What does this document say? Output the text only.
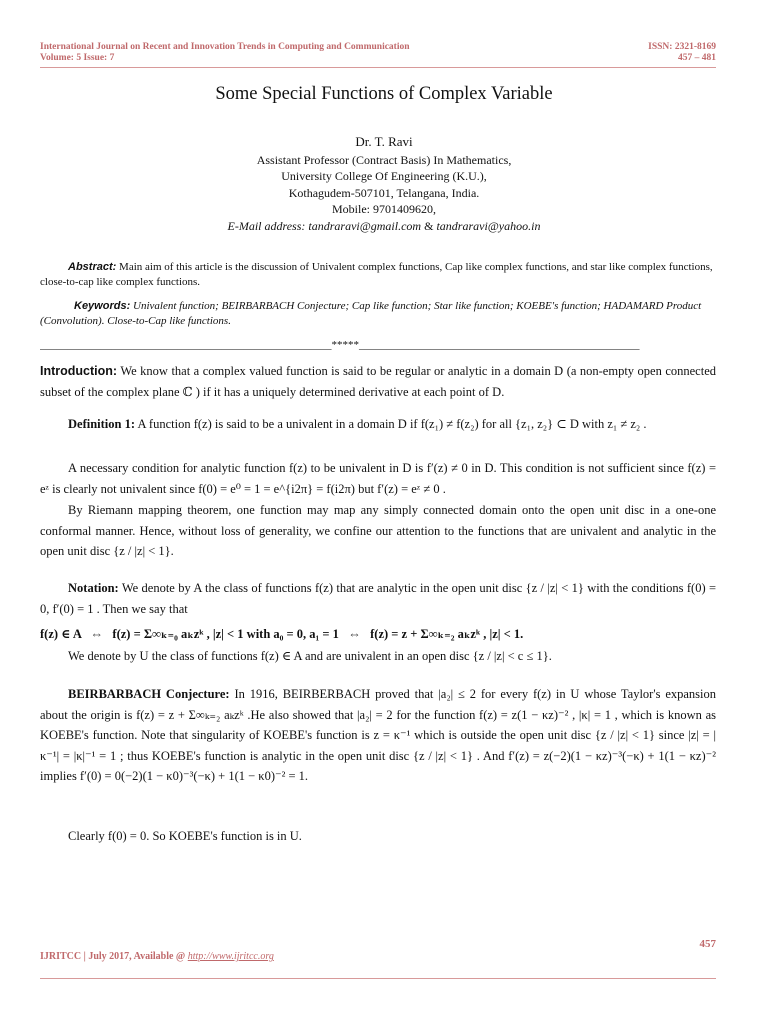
International Journal on Recent and Innovation Trends in Computing and Communication
Volume: 5 Issue: 7
ISSN: 2321-8169
457 – 481
Some Special Functions of Complex Variable
Dr. T. Ravi
Assistant Professor (Contract Basis) In Mathematics,
University College Of Engineering (K.U.),
Kothagudem-507101, Telangana, India.
Mobile: 9701409620,
E-Mail address: tandraravi@gmail.com & tandraravi@yahoo.in
Abstract: Main aim of this article is the discussion of Univalent complex functions, Cap like complex functions, and star like complex functions, close-to-cap like complex functions.
Keywords: Univalent function; BEIRBARBACH Conjecture; Cap like function; Star like function; KOEBE's function; HADAMARD Product (Convolution). Close-to-Cap like functions.
_____________________________________________________*****___________________________________________________
Introduction: We know that a complex valued function is said to be regular or analytic in a domain D (a non-empty open connected subset of the complex plane ℂ ) if it has a uniquely determined derivative at each point of D.
Definition 1: A function f(z) is said to be a univalent in a domain D if f(z₁) ≠ f(z₂) for all {z₁, z₂} ⊂ D with z₁ ≠ z₂ .
A necessary condition for analytic function f(z) to be univalent in D is f′(z) ≠ 0 in D. This condition is not sufficient since f(z) = eᶻ is clearly not univalent since f(0) = e⁰ = 1 = e^{i2π} = f(i2π) but f′(z) = eᶻ ≠ 0 .
By Riemann mapping theorem, one function may map any simply connected domain onto the open unit disc in a one-one conformal manner. Hence, without loss of generality, we confine our attention to the functions that are univalent and analytic in the open unit disc {z / |z| < 1}.
Notation: We denote by A the class of functions f(z) that are analytic in the open unit disc {z / |z| < 1} with the conditions f(0) = 0, f′(0) = 1 . Then we say that
f(z) ∈ A   ⇔   f(z) = Σ∞ₖ₌₀ aₖzᵏ , |z| < 1 with a₀ = 0, a₁ = 1   ⇔   f(z) = z + Σ∞ₖ₌₂ aₖzᵏ , |z| < 1.
We denote by U the class of functions f(z) ∈ A and are univalent in an open disc {z / |z| < c ≤ 1}.
BEIRBARBACH Conjecture: In 1916, BEIRBERBACH proved that |a₂| ≤ 2 for every f(z) in U whose Taylor's expansion about the origin is f(z) = z + Σ∞ₖ₌₂ aₖzᵏ .He also showed that |a₂| = 2 for the function f(z) = z(1 − κz)⁻² , |κ| = 1 , which is known as KOEBE's function. Note that singularity of KOEBE's function is z = κ⁻¹ which is outside the open unit disc {z / |z| < 1} since |z| = |κ⁻¹| = |κ|⁻¹ = 1 ; thus KOEBE's function is analytic in the open unit disc {z / |z| < 1} . And f′(z) = z(−2)(1 − κz)⁻³(−κ) + 1(1 − κz)⁻² implies f′(0) = 0(−2)(1 − κ0)⁻³(−κ) + 1(1 − κ0)⁻² = 1.
Clearly f(0) = 0. So KOEBE's function is in U.
457
IJRITCC | July 2017, Available @ http://www.ijritcc.org
